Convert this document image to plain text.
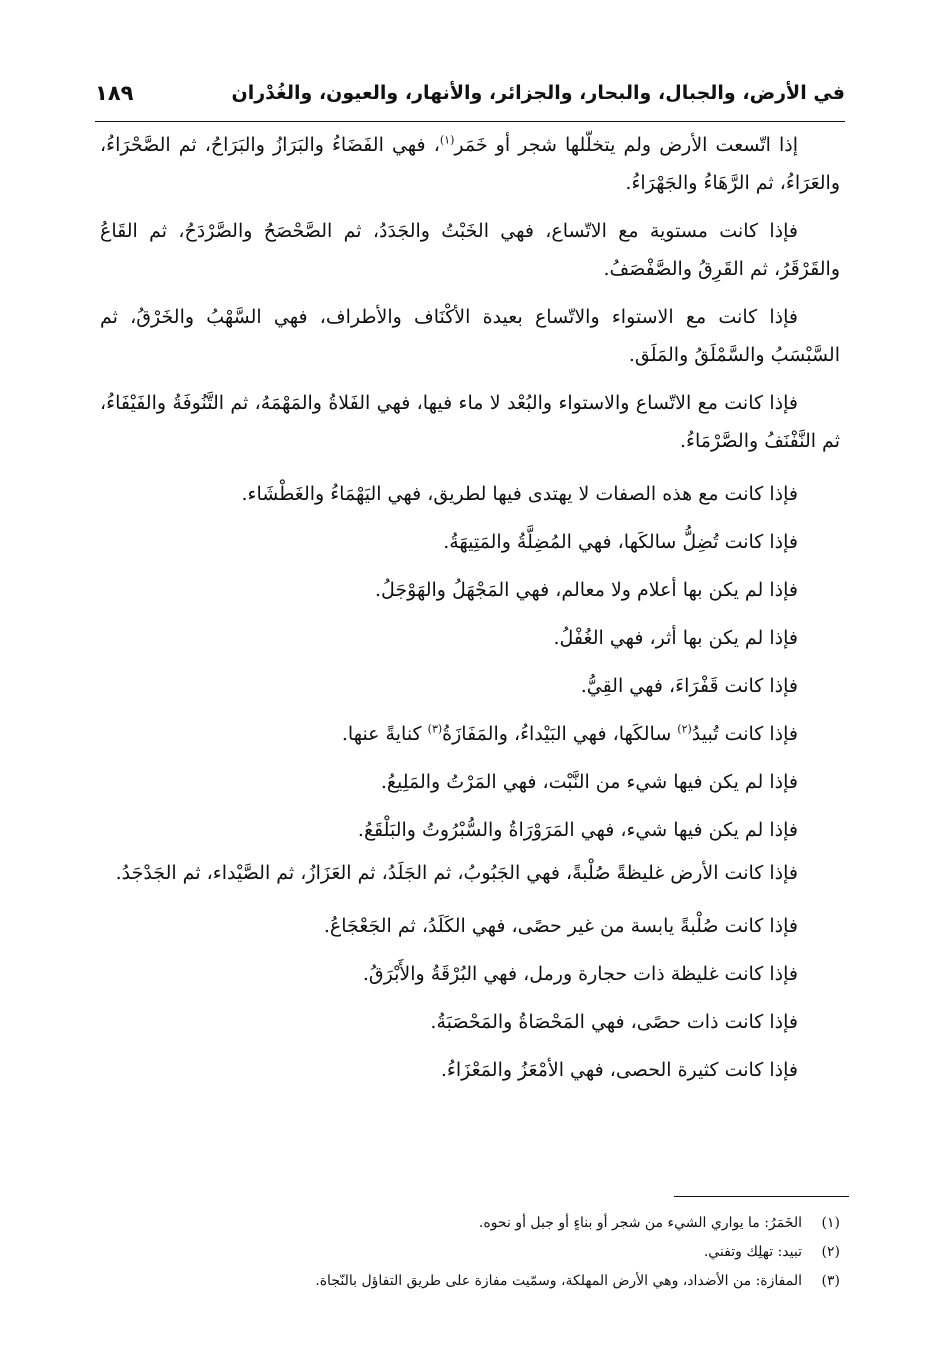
في الأرض، والجبال، والبحار، والجزائر، والأنهار، والعيون، والغُدْران
١٨٩

إذا اتّسعت الأرض ولم يتخلّلها شجر أو خَمَر$^{(١)}$، فهي الفَضَاءُ والبَرَازُ والبَرَاحُ، ثم الصَّحْرَاءُ، والعَرَاءُ، ثم الرَّهَاءُ والجَهْرَاءُ.

فإذا كانت مستوية مع الاتّساع، فهي الخَبْتُ والجَدَدُ، ثم الصَّحْصَحُ والصَّرْدَحُ، ثم القَاعُ والقَرْقَرُ، ثم القَرِقُ والصَّفْصَفُ.

فإذا كانت مع الاستواء والاتّساع بعيدة الأكْنَاف والأطراف، فهي السَّهْبُ والخَرْقُ، ثم السَّبْسَبُ والسَّمْلَقُ والمَلَق.

فإذا كانت مع الاتّساع والاستواء والبُعْد لا ماء فيها، فهي الفَلاةُ والمَهْمَهُ، ثم التَّنُوفَةُ والفَيْفَاءُ، ثم النَّفْنَفُ والصَّرْمَاءُ.

فإذا كانت مع هذه الصفات لا يهتدى فيها لطريق، فهي اليَهْمَاءُ والغَطْشَاء.

فإذا كانت تُضِلُّ سالكَها، فهي المُضِلَّةُ والمَتِيهَةُ.

فإذا لم يكن بها أعلام ولا معالم، فهي المَجْهَلُ والهَوْجَلُ.

فإذا لم يكن بها أثر، فهي الغُفْلُ.

فإذا كانت قَفْرَاءَ، فهي القِيُّ.

فإذا كانت تُبيدُ$^{(٢)}$ سالكَها، فهي البَيْداءُ، والمَفَازَةُ$^{(٣)}$ كنايةً عنها.

فإذا لم يكن فيها شيء من النَّبْت، فهي المَرْتُ والمَلِيعُ.

فإذا لم يكن فيها شيء، فهي المَرَوْرَاةُ والسُّبْرُوتُ والبَلْقَعُ.

فإذا كانت الأرض غليظةً صُلْبةً، فهي الجَبُوبُ، ثم الجَلَدُ، ثم العَزَازُ، ثم الصَّيْداء، ثم الجَدْجَدُ.

فإذا كانت صُلْبةً يابسة من غير حصًى، فهي الكَلَدُ، ثم الجَعْجَاعُ.

فإذا كانت غليظة ذات حجارة ورمل، فهي البُرْقَةُ والأَبْرَقُ.

فإذا كانت ذات حصًى، فهي المَحْصَاةُ والمَحْصَبَةُ.

فإذا كانت كثيرة الحصى، فهي الأمْعَزُ والمَعْزَاءُ.

(١)الخَمَرُ: ما يواري الشيء من شجر أو بناءٍ أو جبل أو نحوه.

(٢)تبيد: تهلِك وتفني.

(٣)المفازة: من الأضداد، وهي الأرض المهلكة، وسمّيت مفازة على طريق التفاؤل بالنّجاة.
